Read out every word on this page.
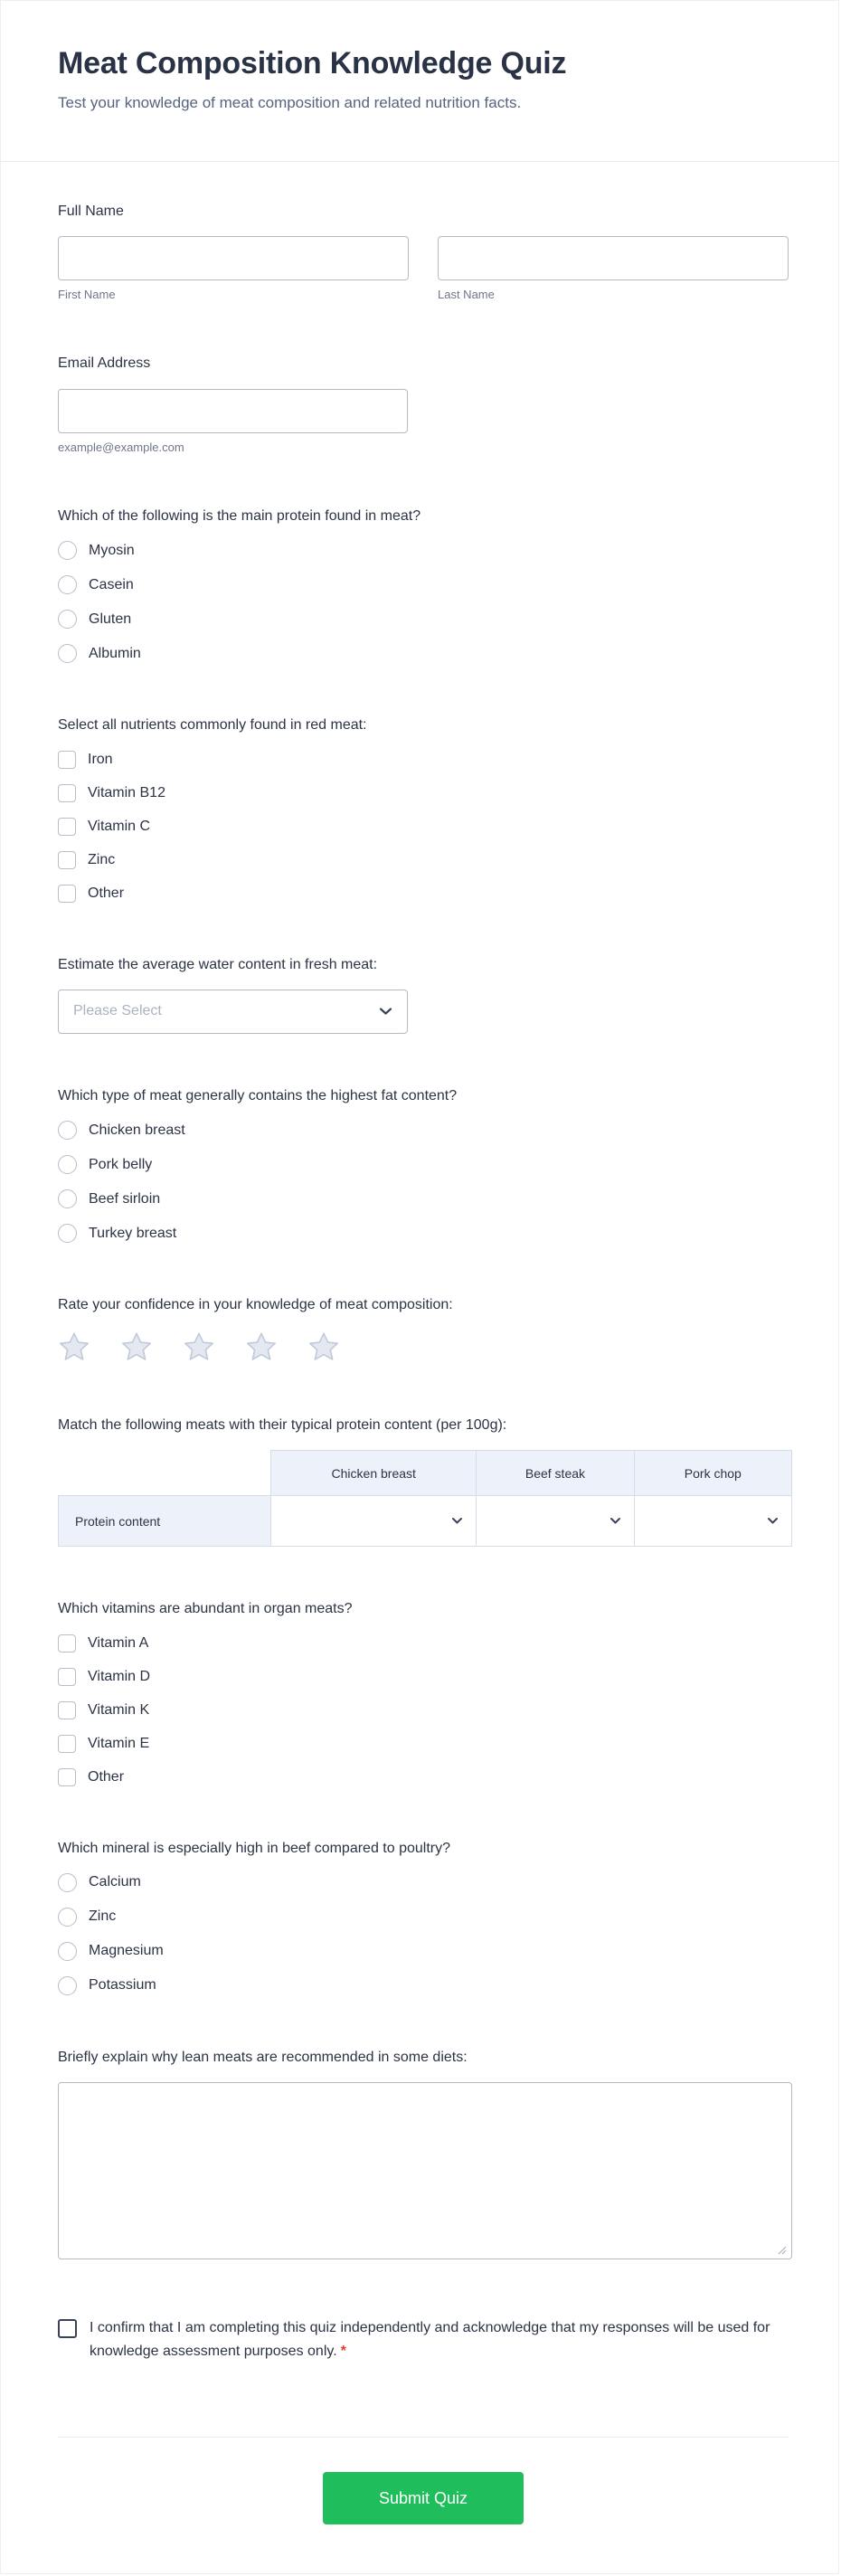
Meat Composition Knowledge Quiz

Test your knowledge of meat composition and related nutrition facts.

Full Name

First Name	Last Name

Email Address

example@example.com

Which of the following is the main protein found in meat?

Myosin
Casein
Gluten
Albumin

Select all nutrients commonly found in red meat:

Iron
Vitamin B12
Vitamin C
Zinc
Other

Estimate the average water content in fresh meat:

Please Select

Which type of meat generally contains the highest fat content?

Chicken breast
Pork belly
Beef sirloin
Turkey breast

Rate your confidence in your knowledge of meat composition:

Match the following meats with their typical protein content (per 100g):

	Chicken breast	Beef steak	Pork chop
Protein content	

Which vitamins are abundant in organ meats?

Vitamin A
Vitamin D
Vitamin K
Vitamin E
Other

Which mineral is especially high in beef compared to poultry?

Calcium
Zinc
Magnesium
Potassium

Briefly explain why lean meats are recommended in some diets:

I confirm that I am completing this quiz independently and acknowledge that my responses will be used for knowledge assessment purposes only. *

Submit Quiz
